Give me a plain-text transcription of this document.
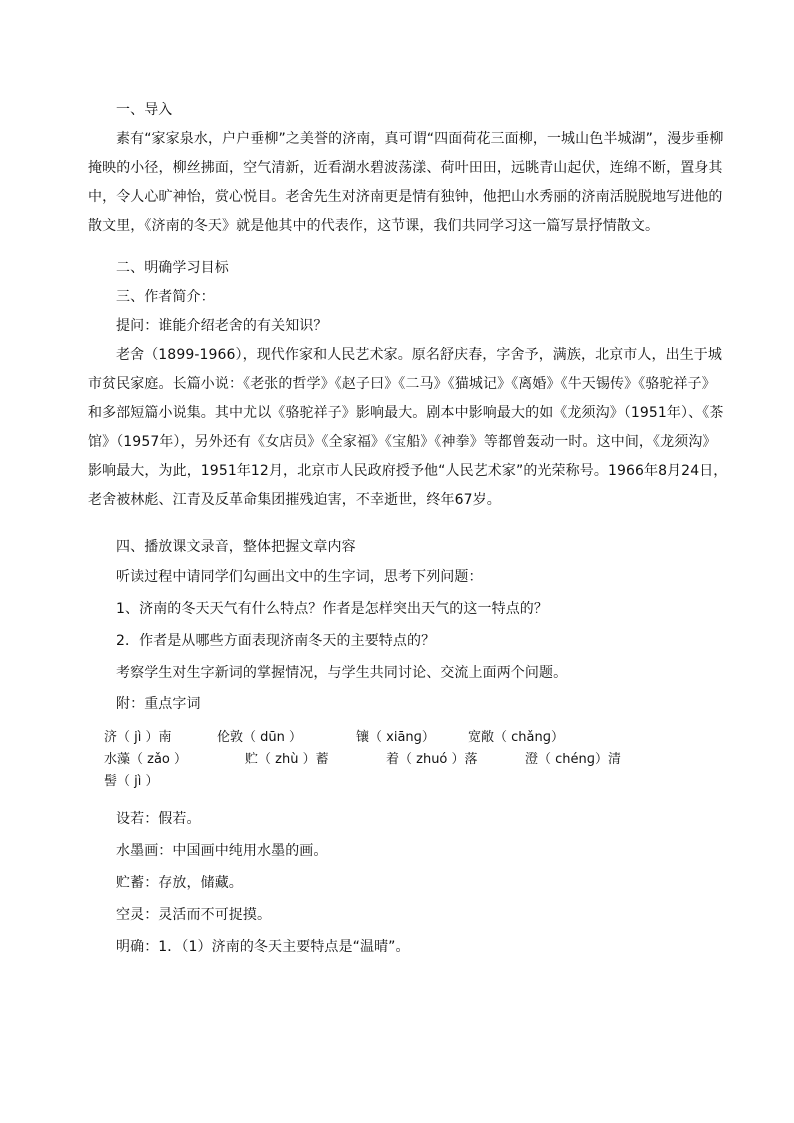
一、导入

素有“家家泉水，户户垂柳”之美誉的济南，真可谓“四面荷花三面柳，一城山色半城湖”，漫步垂柳掩映的小径，柳丝拂面，空气清新，近看湖水碧波荡漾、荷叶田田，远眺青山起伏，连绵不断，置身其中，令人心旷神怡，赏心悦目。老舍先生对济南更是情有独钟，他把山水秀丽的济南活脱脱地写进他的散文里，《济南的冬天》就是他其中的代表作，这节课，我们共同学习这一篇写景抒情散文。

二、明确学习目标

三、作者简介：

提问：谁能介绍老舍的有关知识？

老舍（1899-1966），现代作家和人民艺术家。原名舒庆春，字舍予，满族，北京市人，出生于城市贫民家庭。长篇小说：《老张的哲学》《赵子曰》《二马》《猫城记》《离婚》《牛天锡传》《骆驼祥子》和多部短篇小说集。其中尤以《骆驼祥子》影响最大。剧本中影响最大的如《龙须沟》（1951年）、《茶馆》（1957年），另外还有《女店员》《全家福》《宝船》《神拳》等都曾轰动一时。这中间，《龙须沟》影响最大，为此，1951年12月，北京市人民政府授予他“人民艺术家”的光荣称号。1966年8月24日，老舍被林彪、江青及反革命集团摧残迫害，不幸逝世，终年67岁。

四、播放课文录音，整体把握文章内容

听读过程中请同学们勾画出文中的生字词，思考下列问题：

1、济南的冬天天气有什么特点？作者是怎样突出天气的这一特点的？

2．作者是从哪些方面表现济南冬天的主要特点的？

考察学生对生字新词的掌握情况，与学生共同讨论、交流上面两个问题。

附：重点字词

济（ jì ）南	伦敦（ dūn ）	镶（ xiānɡ）	宽敞（ chǎnɡ）
水藻（ zǎo ）	贮（ zhù ）蓄	着（ zhuó ）落	澄（ chénɡ）清
髻（ jì ）

设若：假若。

水墨画：中国画中纯用水墨的画。

贮蓄：存放，储藏。

空灵：灵活而不可捉摸。

明确：1．（1）济南的冬天主要特点是“温晴”。
